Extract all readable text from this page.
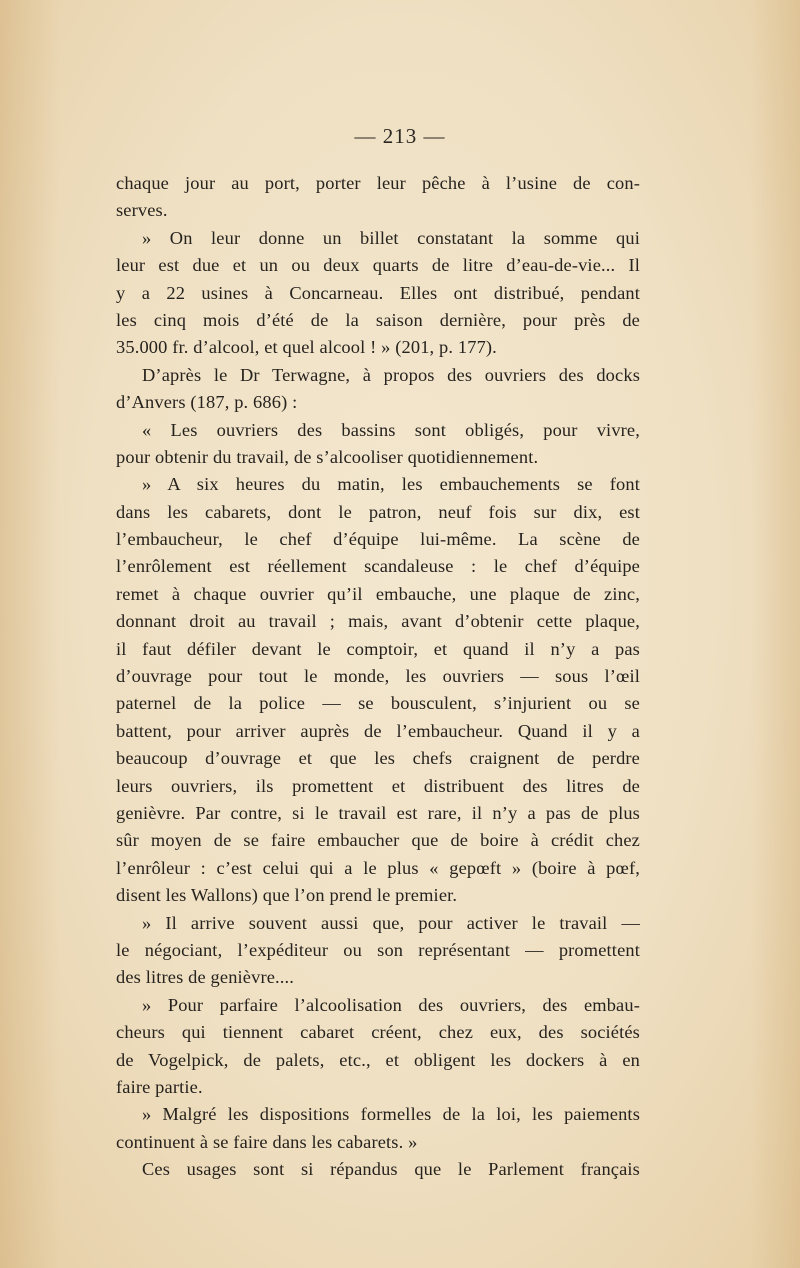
— 213 —
chaque jour au port, porter leur pêche à l’usine de con-
serves.
» On leur donne un billet constatant la somme qui
leur est due et un ou deux quarts de litre d’eau-de-vie... Il
y a 22 usines à Concarneau. Elles ont distribué, pendant
les cinq mois d’été de la saison dernière, pour près de
35.000 fr. d’alcool, et quel alcool ! » (201, p. 177).
D’après le Dr Terwagne, à propos des ouvriers des docks
d’Anvers (187, p. 686) :
« Les ouvriers des bassins sont obligés, pour vivre,
pour obtenir du travail, de s’alcooliser quotidiennement.
» A six heures du matin, les embauchements se font
dans les cabarets, dont le patron, neuf fois sur dix, est
l’embaucheur, le chef d’équipe lui-même. La scène de
l’enrôlement est réellement scandaleuse : le chef d’équipe
remet à chaque ouvrier qu’il embauche, une plaque de zinc,
donnant droit au travail ; mais, avant d’obtenir cette plaque,
il faut défiler devant le comptoir, et quand il n’y a pas
d’ouvrage pour tout le monde, les ouvriers — sous l’œil
paternel de la police — se bousculent, s’injurient ou se
battent, pour arriver auprès de l’embaucheur. Quand il y a
beaucoup d’ouvrage et que les chefs craignent de perdre
leurs ouvriers, ils promettent et distribuent des litres de
genièvre. Par contre, si le travail est rare, il n’y a pas de plus
sûr moyen de se faire embaucher que de boire à crédit chez
l’enrôleur : c’est celui qui a le plus « gepœft » (boire à pœf,
disent les Wallons) que l’on prend le premier.
» Il arrive souvent aussi que, pour activer le travail —
le négociant, l’expéditeur ou son représentant — promettent
des litres de genièvre....
» Pour parfaire l’alcoolisation des ouvriers, des embau-
cheurs qui tiennent cabaret créent, chez eux, des sociétés
de Vogelpick, de palets, etc., et obligent les dockers à en
faire partie.
» Malgré les dispositions formelles de la loi, les paiements
continuent à se faire dans les cabarets. »
Ces usages sont si répandus que le Parlement français
